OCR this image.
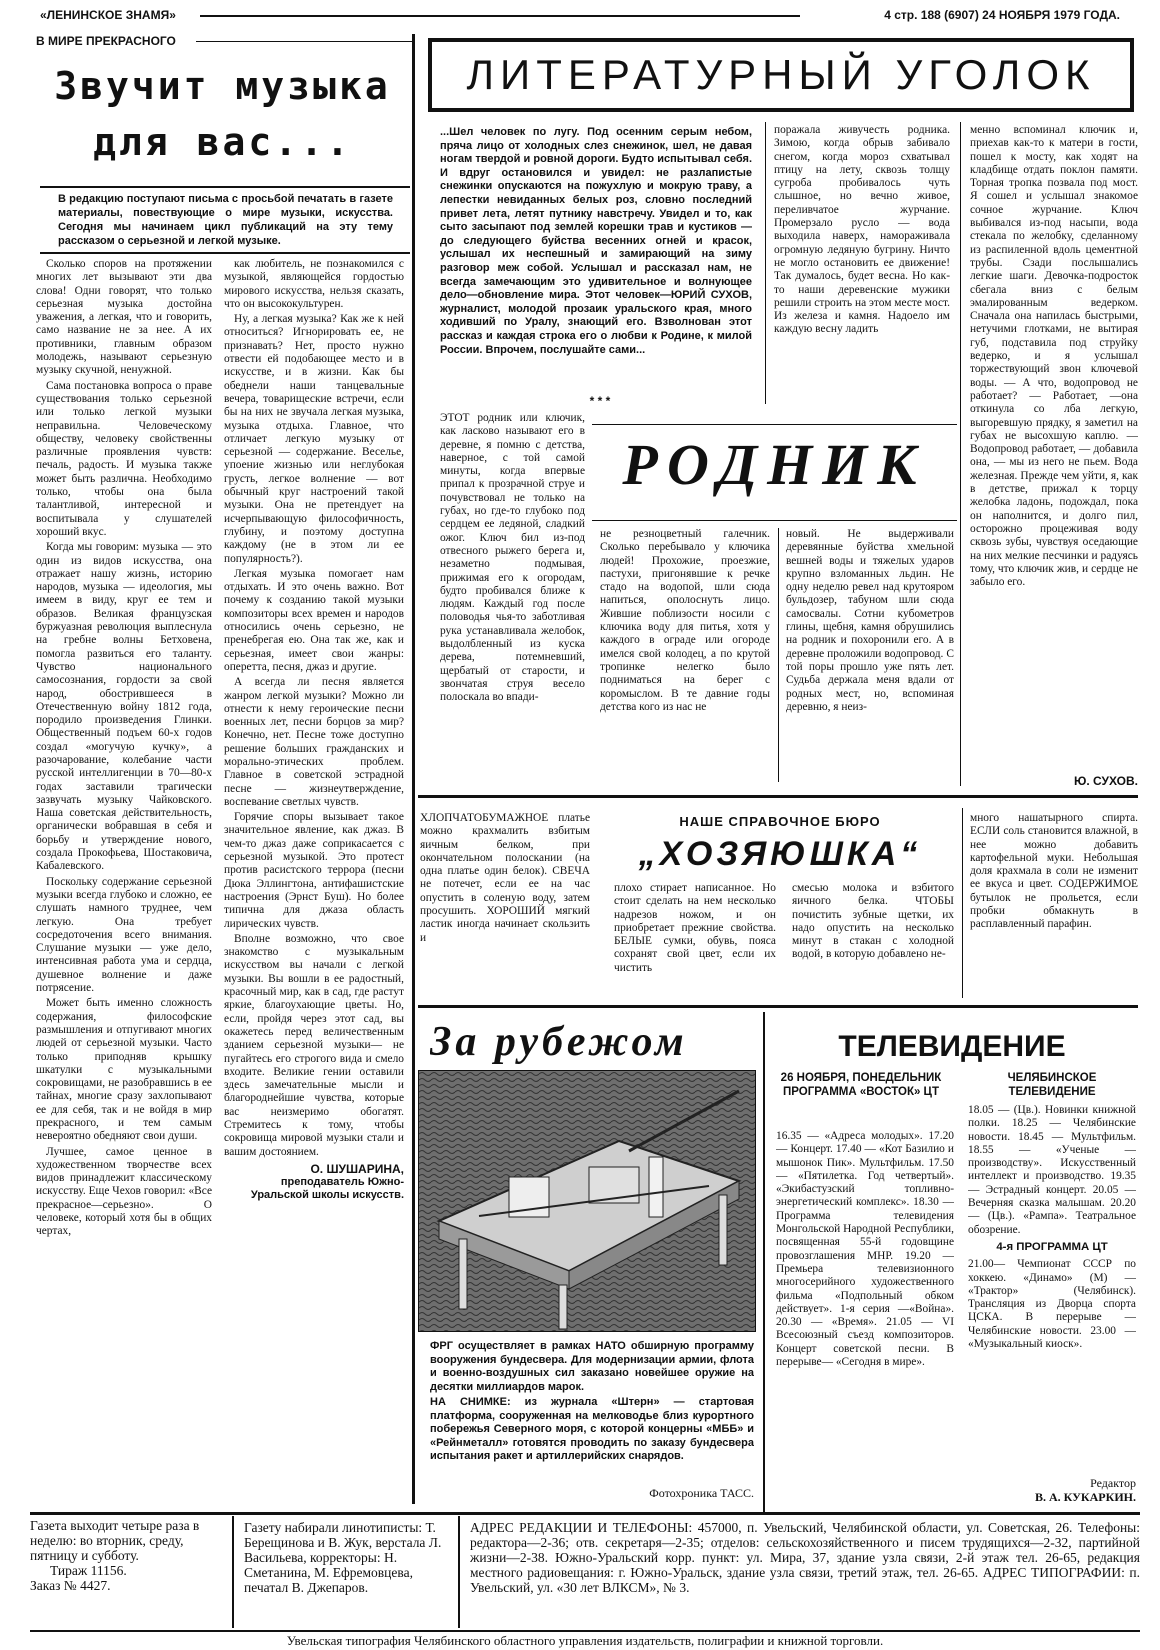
«ЛЕНИНСКОЕ ЗНАМЯ»	4 стр. 188 (6907) 24 НОЯБРЯ 1979 ГОДА.
В МИРЕ ПРЕКРАСНОГО
Звучит музыка
для вас...
В редакцию поступают письма с просьбой печатать в газете материалы, повествующие о мире музыки, искусства. Сегодня мы начинаем цикл публикаций на эту тему рассказом о серьезной и легкой музыке.

Сколько споров на протяжении многих лет вызывают эти два слова! Одни говорят, что только серьезная музыка достойна уважения, а легкая, что и говорить, само название не за нее. А их противники, главным образом молодежь, называют серьезную музыку скучной, ненужной.

Сама постановка вопроса о праве существования только серьезной или только легкой музыки неправильна. Человеческому обществу, человеку свойственны различные проявления чувств: печаль, радость. И музыка также может быть различна. Необходимо только, чтобы она была талантливой, интересной и воспитывала у слушателей хороший вкус.

Когда мы говорим: музыка — это один из видов искусства, она отражает нашу жизнь, историю народов, музыка — идеология, мы имеем в виду, круг ее тем и образов. Великая французская буржуазная революция выплеснула на гребне волны Бетховена, помогла развиться его таланту. Чувство национального самосознания, гордости за свой народ, обострившееся в Отечественную войну 1812 года, породило произведения Глинки. Общественный подъем 60-х годов создал «могучую кучку», а разочарование, колебание части русской интеллигенции в 70—80-х годах заставили трагически зазвучать музыку Чайковского. Наша советская действительность, органически вобравшая в себя и борьбу и утверждение нового, создала Прокофьева, Шостаковича, Кабалевского.

Поскольку содержание серьезной музыки всегда глубоко и сложно, ее слушать намного труднее, чем легкую. Она требует сосредоточения всего внимания. Слушание музыки — уже дело, интенсивная работа ума и сердца, душевное волнение и даже потрясение.

Может быть именно сложность содержания, философские размышления и отпугивают многих людей от серьезной музыки. Часто только приподняв крышку шкатулки с музыкальными сокровищами, не разобравшись в ее тайнах, многие сразу захлопывают ее для себя, так и не войдя в мир прекрасного, и тем самым невероятно обедняют свои души.

Лучшее, самое ценное в художественном творчестве всех видов принадлежит классическому искусству. Еще Чехов говорил: «Все прекрасное—серьезно». О человеке, который хотя бы в общих чертах,

как любитель, не познакомился с музыкой, являющейся гордостью мирового искусства, нельзя сказать, что он высококультурен.

Ну, а легкая музыка? Как же к ней относиться? Игнорировать ее, не признавать? Нет, просто нужно отвести ей подобающее место и в искусстве, и в жизни. Как бы обеднели наши танцевальные вечера, товарищеские встречи, если бы на них не звучала легкая музыка, музыка отдыха. Главное, что отличает легкую музыку от серьезной — содержание. Веселье, упоение жизнью или неглубокая грусть, легкое волнение — вот обычный круг настроений такой музыки. Она не претендует на исчерпывающую философичность, глубину, и поэтому доступна каждому (не в этом ли ее популярность?).

Легкая музыка помогает нам отдыхать. И это очень важно. Вот почему к созданию такой музыки композиторы всех времен и народов относились очень серьезно, не пренебрегая ею. Она так же, как и серьезная, имеет свои жанры: оперетта, песня, джаз и другие.

А всегда ли песня является жанром легкой музыки? Можно ли отнести к нему героические песни военных лет, песни борцов за мир? Конечно, нет. Песне тоже доступно решение больших гражданских и морально-этических проблем. Главное в советской эстрадной песне — жизнеутверждение, воспевание светлых чувств.

Горячие споры вызывает такое значительное явление, как джаз. В чем-то джаз даже соприкасается с серьезной музыкой. Это протест против расистского террора (песни Дюка Эллингтона, антифашистские настроения (Эрнст Буш). Но более типична для джаза область лирических чувств.

Вполне возможно, что свое знакомство с музыкальным искусством вы начали с легкой музыки. Вы вошли в ее радостный, красочный мир, как в сад, где растут яркие, благоухающие цветы. Но, если, пройдя через этот сад, вы окажетесь перед величественным зданием серьезной музыки— не пугайтесь его строгого вида и смело входите. Великие гении оставили здесь замечательные мысли и благороднейшие чувства, которые вас неизмеримо обогатят. Стремитесь к тому, чтобы сокровища мировой музыки стали и вашим достоянием.

О. ШУШАРИНА,
преподаватель Южно-Уральской школы искусств.
ЛИТЕРАТУРНЫЙ УГОЛОК
...Шел человек по лугу. Под осенним серым небом, пряча лицо от холодных слез снежинок, шел, не давая ногам твердой и ровной дороги. Будто испытывал себя. И вдруг остановился и увидел: не разлапистые снежинки опускаются на пожухлую и мокрую траву, а лепестки невиданных белых роз, словно последний привет лета, летят путнику навстречу. Увидел и то, как сыто засыпают под землей корешки трав и кустиков — до следующего буйства весенних огней и красок, услышал их неспешный и замирающий на зиму разговор меж собой. Услышал и рассказал нам, не всегда замечающим это удивительное и волнующее дело—обновление мира. Этот человек—ЮРИЙ СУХОВ, журналист, молодой прозаик уральского края, много ходивший по Уралу, знающий его. Взволнован этот рассказ и каждая строка его о любви к Родине, к милой России. Впрочем, послушайте сами...
* * *
поражала живучесть родника. Зимою, когда обрыв забивало снегом, когда мороз схватывал птицу на лету, сквозь толщу сугроба пробивалось чуть слышное, но вечно живое, переливчатое журчание. Промерзало русло — вода выходила наверх, намораживала огромную ледяную бугрину. Ничто не могло остановить ее движение! Так думалось, будет весна. Но как-то наши деревенские мужики решили строить на этом месте мост. Из железа и камня. Надоело им каждую весну ладить
менно вспоминал ключик и, приехав как-то к матери в гости, пошел к мосту, как ходят на кладбище отдать поклон памяти. Торная тропка позвала под мост. Я сошел и услышал знакомое сочное журчание. Ключ выбивался из-под насыпи, вода стекала по желобку, сделанному из распиленной вдоль цементной трубы. Сзади послышались легкие шаги. Девочка-подросток сбегала вниз с белым эмалированным ведерком. Сначала она напилась быстрыми, нетучими глотками, не вытирая губ, подставила под струйку ведерко, и я услышал торжествующий звон ключевой воды. — А что, водопровод не работает? — Работает, —она откинула со лба легкую, выгоревшую прядку, я заметил на губах не высохшую каплю. — Водопровод работает, — добавила она, — мы из него не пьем. Вода железная. Прежде чем уйти, я, как в детстве, прижал к торцу желобка ладонь, подождал, пока он наполнится, и долго пил, осторожно процеживая воду сквозь зубы, чувствуя оседающие на них мелкие песчинки и радуясь тому, что ключик жив, и сердце не забыло его.
Ю. СУХОВ.
РОДНИК
ЭТОТ родник или ключик, как ласково называют его в деревне, я помню с детства, наверное, с той самой минуты, когда впервые припал к прозрачной струе и почувствовал не только на губах, но где-то глубоко под сердцем ее ледяной, сладкий ожог. Ключ бил из-под отвесного рыжего берега и, незаметно подмывая, прижимая его к огородам, будто пробивался ближе к людям. Каждый год после половодья чья-то заботливая рука устанавливала желобок, выдолбленный из куска дерева, потемневший, щербатый от старости, и звончатая струя весело полоскала во впади-
не резноцветный галечник. Сколько перебывало у ключика людей! Прохожие, проезжие, пастухи, пригонявшие к речке стадо на водопой, шли сюда напиться, ополоснуть лицо. Жившие поблизости носили с ключика воду для питья, хотя у каждого в ограде или огороде имелся свой колодец, а по крутой тропинке нелегко было подниматься на берег с коромыслом. В те давние годы детства кого из нас не
новый. Не выдерживали деревянные буйства хмельной вешней воды и тяжелых ударов крупно взломанных льдин. Не одну неделю ревел над крутояром бульдозер, табуном шли сюда самосвалы. Сотни кубометров глины, щебня, камня обрушились на родник и похоронили его. А в деревне проложили водопровод. С той поры прошло уже пять лет. Судьба держала меня вдали от родных мест, но, вспоминая деревню, я неиз-
НАШЕ СПРАВОЧНОЕ БЮРО
„ХОЗЯЮШКА“
ХЛОПЧАТОБУМАЖНОЕ платье можно крахмалить взбитым яичным белком, при окончательном полоскании (на одна платье один белок). СВЕЧА не потечет, если ее на час опустить в соленую воду, затем просушить. ХОРОШИЙ мягкий ластик иногда начинает скользить и
плохо стирает написанное. Но стоит сделать на нем несколько надрезов ножом, и он приобретает прежние свойства. БЕЛЫЕ сумки, обувь, пояса сохранят свой цвет, если их чистить
смесью молока и взбитого яичного белка. ЧТОБЫ почистить зубные щетки, их надо опустить на несколько минут в стакан с холодной водой, в которую добавлено не-
много нашатырного спирта. ЕСЛИ соль становится влажной, в нее можно добавить картофельной муки. Небольшая доля крахмала в соли не изменит ее вкуса и цвет. СОДЕРЖИМОЕ бутылок не прольется, если пробки обмакнуть в расплавленный парафин.
За рубежом
ФРГ осуществляет в рамках НАТО обширную программу вооружения бундесвера. Для модернизации армии, флота и военно-воздушных сил заказано новейшее оружие на десятки миллиардов марок.
НА СНИМКЕ: из журнала «Штерн» — стартовая платформа, сооруженная на мелководье близ курортного побережья Северного моря, с которой концерны «МББ» и «Рейнметалл» готовятся проводить по заказу бундесвера испытания ракет и артиллерийских снарядов.
Фотохроника ТАСС.
ТЕЛЕВИДЕНИЕ
26 НОЯБРЯ, ПОНЕДЕЛЬНИК
ПРОГРАММА «ВОСТОК» ЦТ
16.35 — «Адреса молодых». 17.20 — Концерт. 17.40 — «Кот Базилио и мышонок Пик». Мультфильм. 17.50 — «Пятилетка. Год четвертый». «Экибастузский топливно-энергетический комплекс». 18.30 — Программа телевидения Монгольской Народной Республики, посвященная 55-й годовщине провозглашения МНР. 19.20 — Премьера телевизионного многосерийного художественного фильма «Подпольный обком действует». 1-я серия —«Война». 20.30 — «Время». 21.05 — VI Всесоюзный съезд композиторов. Концерт советской песни. В перерыве— «Сегодня в мире».
ЧЕЛЯБИНСКОЕ ТЕЛЕВИДЕНИЕ
18.05 — (Цв.). Новинки книжной полки. 18.25 — Челябинские новости. 18.45 — Мультфильм. 18.55 — «Ученые —производству». Искусственный интеллект и производство. 19.35 — Эстрадный концерт. 20.05 — Вечерняя сказка малышам. 20.20 — (Цв.). «Рампа». Театральное обозрение.
4-я ПРОГРАММА ЦТ
21.00— Чемпионат СССР по хоккею. «Динамо» (М) — «Трактор» (Челябинск). Трансляция из Дворца спорта ЦСКА. В перерыве — Челябинские новости. 23.00 — «Музыкальный киоск».
Редактор
В. А. КУКАРКИН.
Газета выходит четыре раза в неделю: во вторник, среду, пятницу и субботу.
Тираж 11156.
Заказ № 4427.
Газету набирали линотиписты: Т. Берещинова и В. Жук, верстала Л. Васильева, корректоры: Н. Сметанина, М. Ефремовцева, печатал В. Джепаров.
АДРЕС РЕДАКЦИИ И ТЕЛЕФОНЫ: 457000, п. Увельский, Челябинской области, ул. Советская, 26. Телефоны: редактора—2-36; отв. секретаря—2-35; отделов: сельскохозяйственного и писем трудящихся—2-32, партийной жизни—2-38. Южно-Уральский корр. пункт: ул. Мира, 37, здание узла связи, 2-й этаж тел. 26-65, редакция местного радиовещания: г. Южно-Уральск, здание узла связи, третий этаж, тел. 26-65. АДРЕС ТИПОГРАФИИ: п. Увельский, ул. «30 лет ВЛКСМ», № 3.
Увельская типография Челябинского областного управления издательств, полиграфии и книжной торговли.
